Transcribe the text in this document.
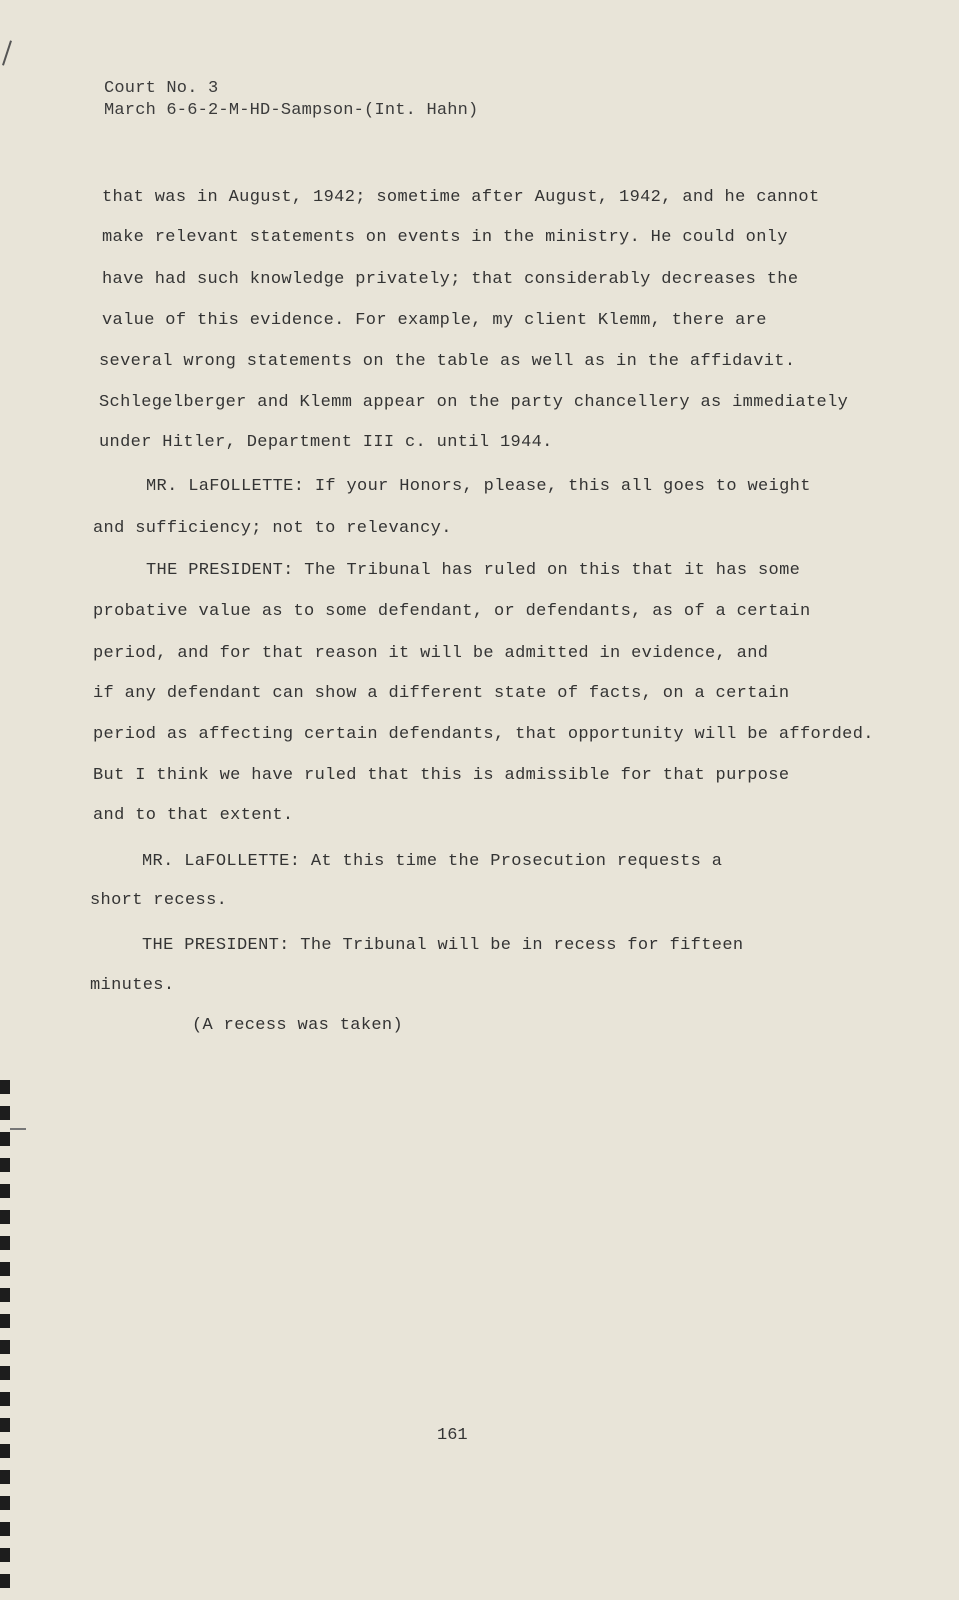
Court No. 3
March 6-6-2-M-HD-Sampson-(Int. Hahn)
that was in August, 1942; sometime after August, 1942, and he cannot
make relevant statements on events in the ministry. He could only
have had such knowledge privately; that considerably decreases the
value of this evidence. For example, my client Klemm, there are
several wrong statements on the table as well as in the affidavit.
Schlegelberger and Klemm appear on the party chancellery as immediately
under Hitler, Department III c. until 1944.
MR. LaFOLLETTE: If your Honors, please, this all goes to weight
and sufficiency; not to relevancy.
THE PRESIDENT: The Tribunal has ruled on this that it has some
probative value as to some defendant, or defendants, as of a certain
period, and for that reason it will be admitted in evidence, and
if any defendant can show a different state of facts, on a certain
period as affecting certain defendants, that opportunity will be afforded.
But I think we have ruled that this is admissible for that purpose
and to that extent.
MR. LaFOLLETTE: At this time the Prosecution requests a
short recess.
THE PRESIDENT: The Tribunal will be in recess for fifteen
minutes.
(A recess was taken)
161
